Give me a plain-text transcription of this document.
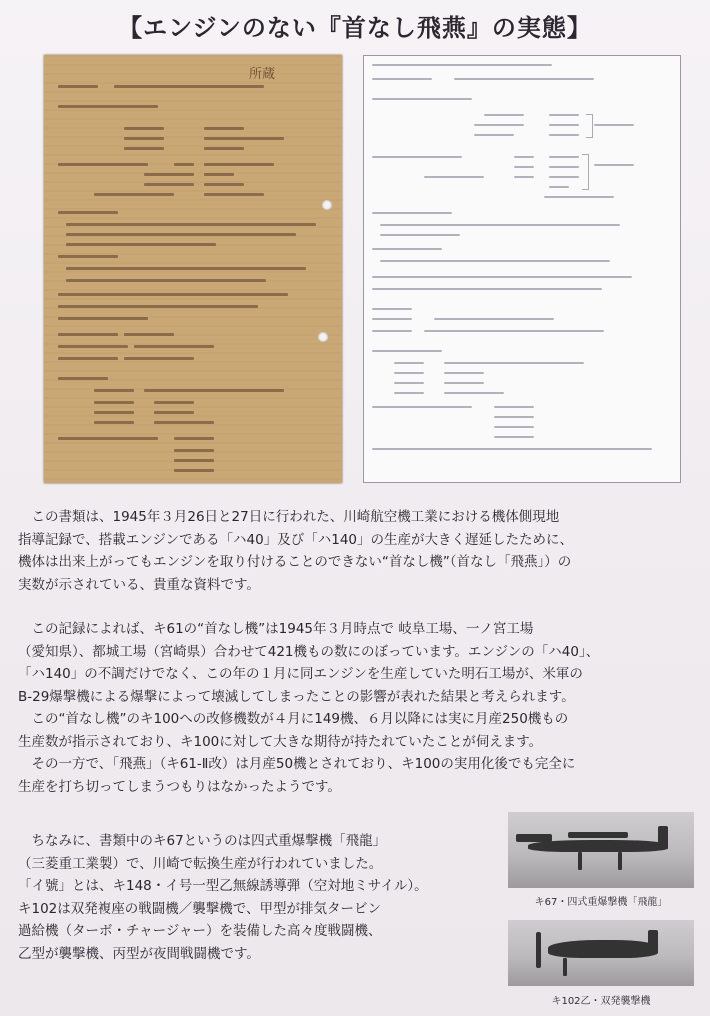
【エンジンのない『首なし飛燕』の実態】
所蔵

　この書類は、1945年３月26日と27日に行われた、川崎航空機工業における機体側現地
指導記録で、搭載エンジンである「ハ40」及び「ハ140」の生産が大きく遅延したために、
機体は出来上がってもエンジンを取り付けることのできない“首なし機”（首なし「飛燕」）の
実数が示されている、貴重な資料です。

　この記録によれば、キ61の“首なし機”は1945年３月時点で 岐阜工場、一ノ宮工場
（愛知県）、都城工場（宮崎県）合わせて421機もの数にのぼっています。エンジンの「ハ40」、
「ハ140」の不調だけでなく、この年の１月に同エンジンを生産していた明石工場が、米軍の
B-29爆撃機による爆撃によって壊滅してしまったことの影響が表れた結果と考えられます。
　この“首なし機”のキ100への改修機数が４月に149機、６月以降には実に月産250機もの
生産数が指示されており、キ100に対して大きな期待が持たれていたことが伺えます。
　その一方で、「飛燕」（キ61-Ⅱ改）は月産50機とされており、キ100の実用化後でも完全に
生産を打ち切ってしまうつもりはなかったようです。

　ちなみに、書類中のキ67というのは四式重爆撃機「飛龍」
（三菱重工業製）で、川崎で転換生産が行われていました。
「イ號」とは、キ148・イ号一型乙無線誘導弾（空対地ミサイル）。
キ102は双発複座の戦闘機／襲撃機で、甲型が排気タービン
過給機（ターボ・チャージャー）を装備した高々度戦闘機、
乙型が襲撃機、丙型が夜間戦闘機です。

キ67・四式重爆撃機「飛龍」
キ102乙・双発襲撃機
